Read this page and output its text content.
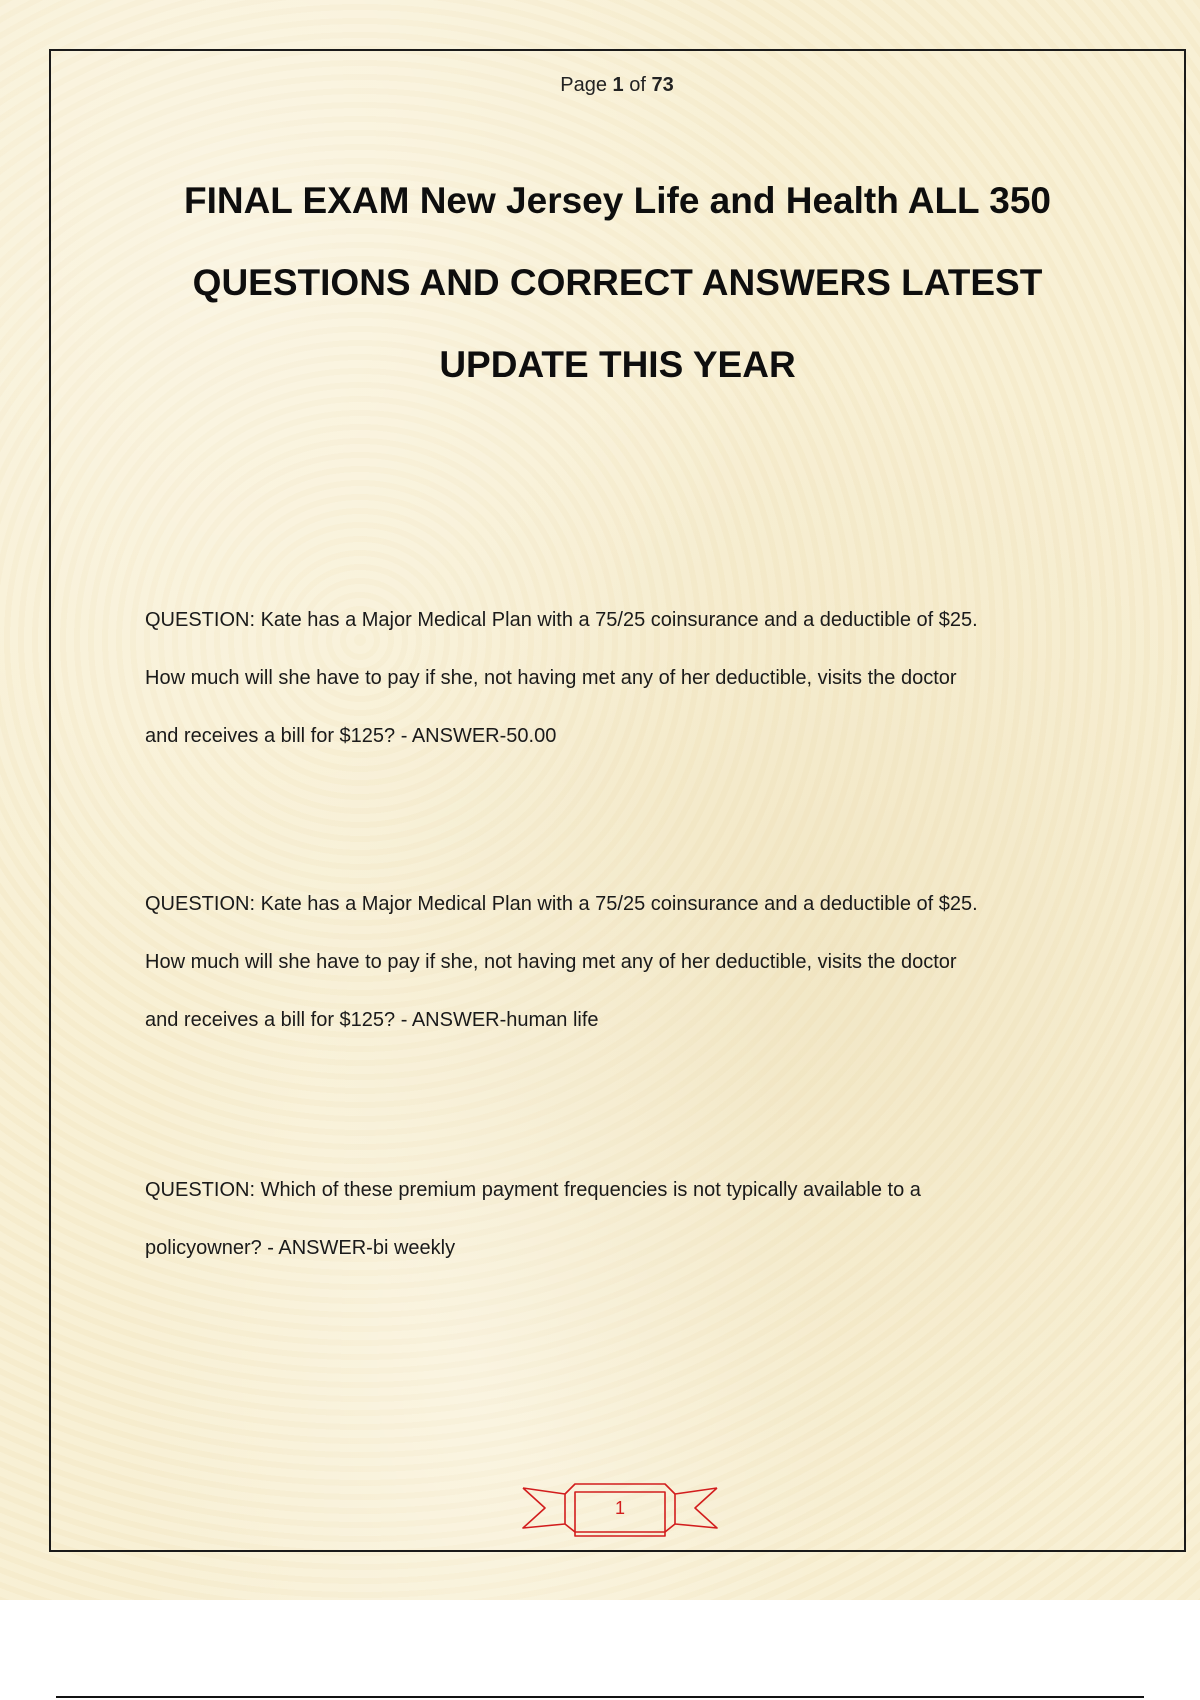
Page 1 of 73
FINAL EXAM New Jersey Life and Health ALL 350
QUESTIONS AND CORRECT ANSWERS LATEST
UPDATE THIS YEAR
QUESTION: Kate has a Major Medical Plan with a 75/25 coinsurance and a deductible of $25.
How much will she have to pay if she, not having met any of her deductible, visits the doctor
and receives a bill for $125? - ANSWER-50.00
QUESTION: Kate has a Major Medical Plan with a 75/25 coinsurance and a deductible of $25.
How much will she have to pay if she, not having met any of her deductible, visits the doctor
and receives a bill for $125? - ANSWER-human life
QUESTION: Which of these premium payment frequencies is not typically available to a
policyowner? - ANSWER-bi weekly
1
